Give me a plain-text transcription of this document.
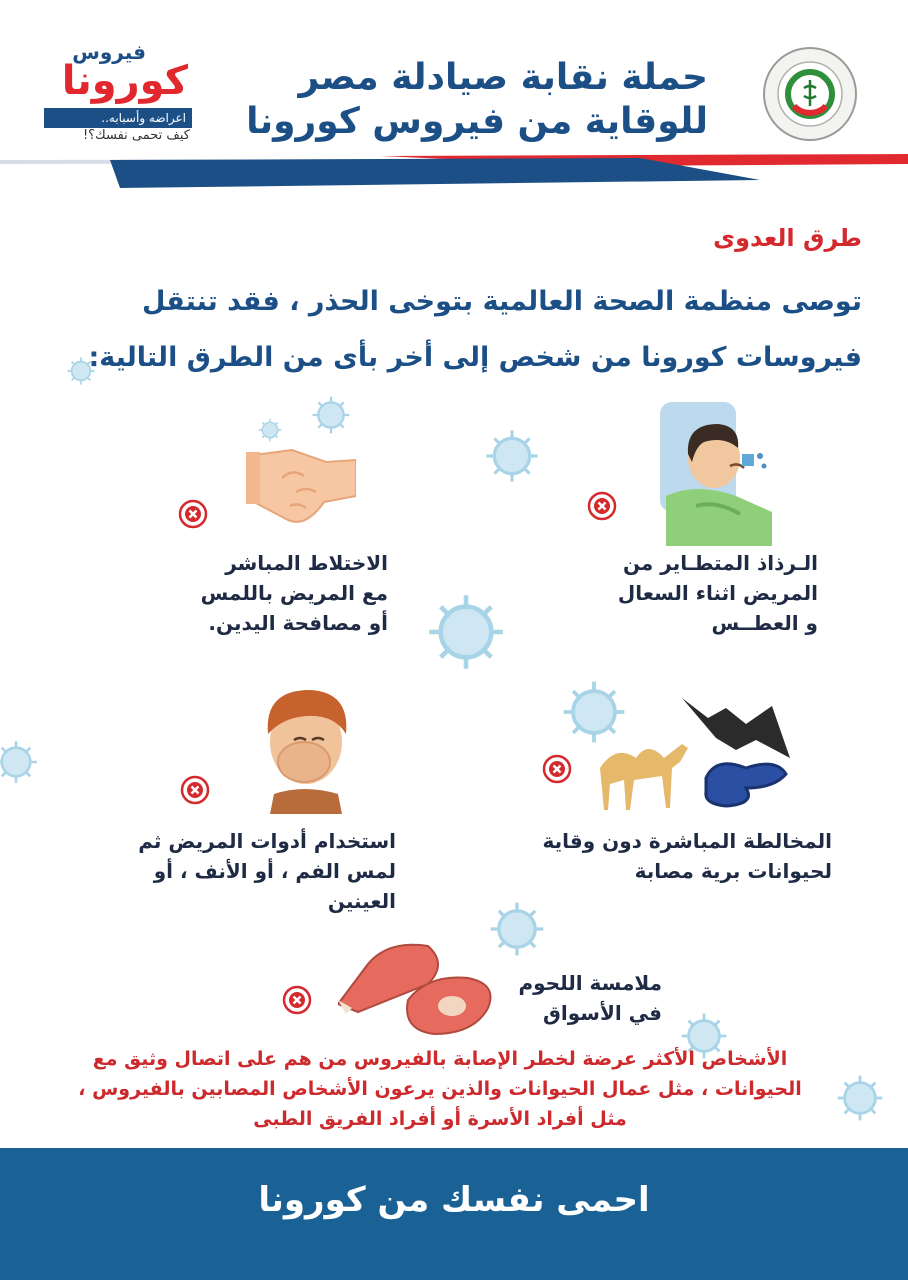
فيروس
كورونا
اعراضه وأسبابه..
كيف تحمى نفسك؟!
حملة نقابة صيادلة مصر
للوقاية من فيروس كورونا
طرق العدوى
توصى منظمة الصحة العالمية بتوخى الحذر ، فقد تنتقل
فيروسات كورونا من شخص إلى أخر بأى من الطرق التالية:
الـرذاذ المتطـاير من
المريض اثناء السعال
و العطــس
الاختلاط المباشر
مع المريض باللمس
أو مصافحة اليدين.
استخدام أدوات المريض ثم
لمس الفم ، أو الأنف ، أو
العينين
المخالطة المباشرة دون وقاية
لحيوانات برية مصابة
ملامسة اللحوم
في الأسواق
الأشخاص الأكثر عرضة لخطر الإصابة بالفيروس من هم على اتصال وثيق مع
الحيوانات ، مثل عمال الحيوانات والذين يرعون الأشخاص المصابين بالفيروس ،
مثل أفراد الأسرة أو أفراد الفريق الطبى
احمى نفسك من كورونا
